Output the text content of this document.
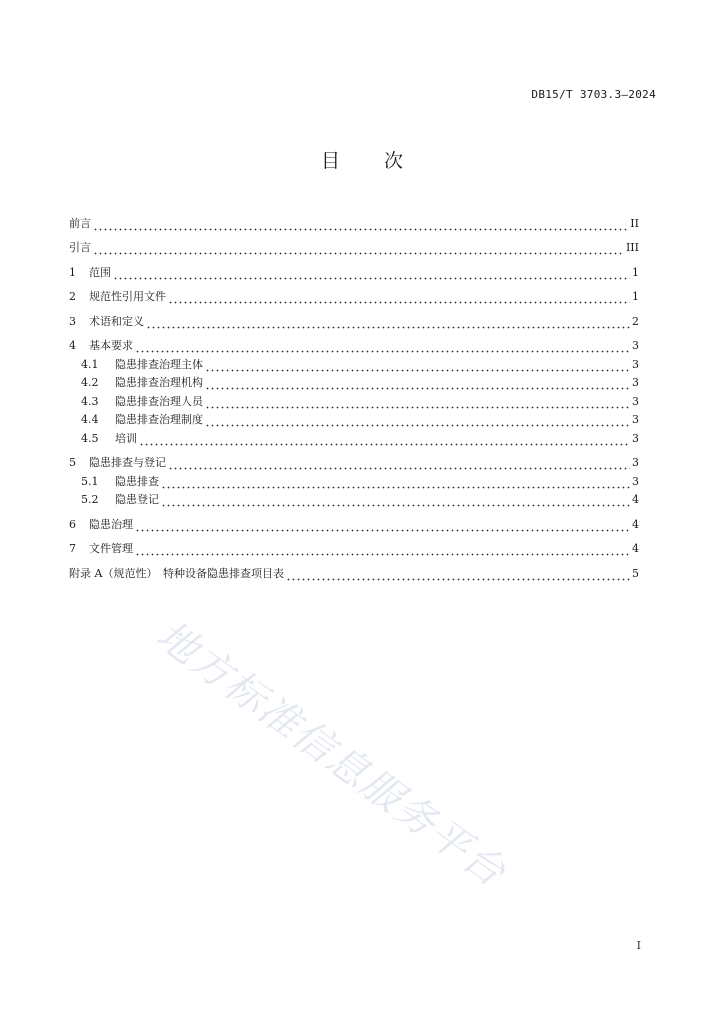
DB15/T 3703.3—2024
目 次
前言	II
引言	III
1	范围	1
2	规范性引用文件	1
3	术语和定义	2
4	基本要求	3
4.1	隐患排查治理主体	3
4.2	隐患排查治理机构	3
4.3	隐患排查治理人员	3
4.4	隐患排查治理制度	3
4.5	培训	3
5	隐患排查与登记	3
5.1	隐患排查	3
5.2	隐患登记	4
6	隐患治理	4
7	文件管理	4
附录 A（规范性）　特种设备隐患排查项目表	5
地方标准信息服务平台
I
